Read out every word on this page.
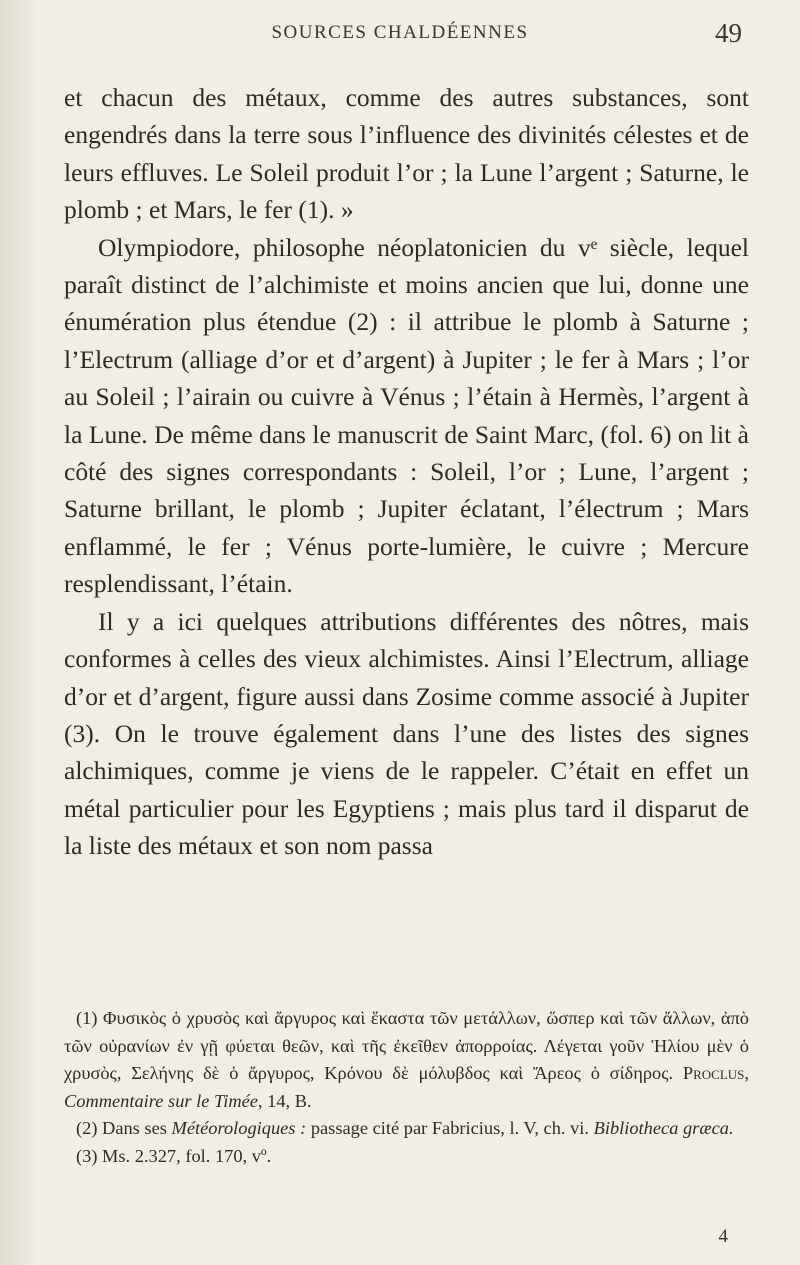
SOURCES CHALDÉENNES	49

et chacun des métaux, comme des autres substances, sont engendrés dans la terre sous l’influence des divinités célestes et de leurs effluves. Le Soleil produit l’or ; la Lune l’argent ; Saturne, le plomb ; et Mars, le fer (1). »

Olympiodore, philosophe néoplatonicien du vᵉ siècle, lequel paraît distinct de l’alchimiste et moins ancien que lui, donne une énumération plus étendue (2) : il attribue le plomb à Saturne ; l’Electrum (alliage d’or et d’argent) à Jupiter ; le fer à Mars ; l’or au Soleil ; l’airain ou cuivre à Vénus ; l’étain à Hermès, l’argent à la Lune. De même dans le manuscrit de Saint Marc, (fol. 6) on lit à côté des signes correspondants : Soleil, l’or ; Lune, l’argent ; Saturne brillant, le plomb ; Jupiter éclatant, l’électrum ; Mars enflammé, le fer ; Vénus porte-lumière, le cuivre ; Mercure resplendissant, l’étain.

Il y a ici quelques attributions différentes des nôtres, mais conformes à celles des vieux alchimistes. Ainsi l’Electrum, alliage d’or et d’argent, figure aussi dans Zosime comme associé à Jupiter (3). On le trouve également dans l’une des listes des signes alchimiques, comme je viens de le rappeler. C’était en effet un métal particulier pour les Egyptiens ; mais plus tard il disparut de la liste des métaux et son nom passa

(1) Φυσικὸς ὁ χρυσὸς καὶ ἄργυρος καὶ ἕκαστα τῶν μετάλλων, ὥσπερ καὶ τῶν ἄλλων, ἀπὸ τῶν οὐρανίων ἐν γῇ φύεται θεῶν, καὶ τῆς ἐκεῖθεν ἀπορροίας. Λέγεται γοῦν Ἡλίου μὲν ὁ χρυσὸς, Σελήνης δὲ ὁ ἄργυρος, Κρόνου δὲ μόλυβδος καὶ Ἄρεος ὁ σίδηρος. Proclus, Commentaire sur le Timée, 14, B.

(2) Dans ses Météorologiques : passage cité par Fabricius, l. V, ch. vi. Bibliotheca græca.

(3) Ms. 2.327, fol. 170, vº.

4
